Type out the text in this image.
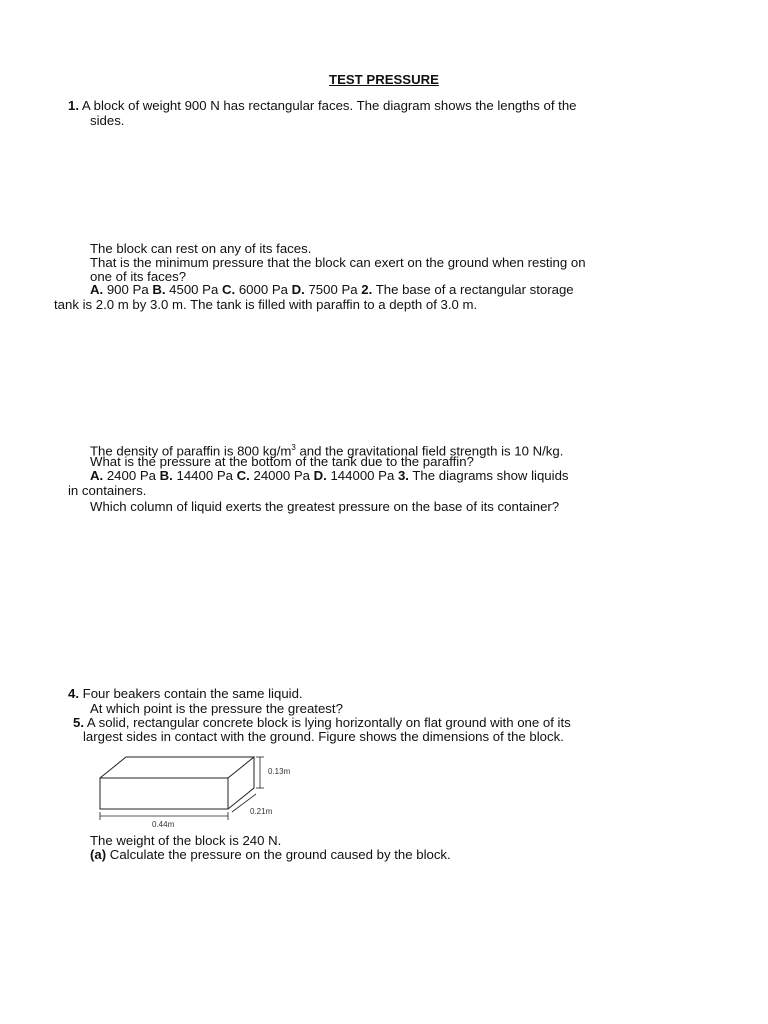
TEST PRESSURE
1. A block of weight 900 N has rectangular faces. The diagram shows the lengths of the
sides.
The block can rest on any of its faces.
That is the minimum pressure that the block can exert on the ground when resting on
one of its faces?
A. 900 Pa B. 4500 Pa C. 6000 Pa D. 7500 Pa 2. The base of a rectangular storage
tank is 2.0 m by 3.0 m. The tank is filled with paraffin to a depth of 3.0 m.
The density of paraffin is 800 $kg/m^3$ and the gravitational field strength is 10 N/kg.
What is the pressure at the bottom of the tank due to the paraffin?
A. 2400 Pa B. 14400 Pa C. 24000 Pa D. 144000 Pa 3. The diagrams show liquids
in containers.
Which column of liquid exerts the greatest pressure on the base of its container?
4. Four beakers contain the same liquid.
At which point is the pressure the greatest?
5. A solid, rectangular concrete block is lying horizontally on flat ground with one of its
largest sides in contact with the ground. Figure shows the dimensions of the block.
0.13m
0.21m
0.44m
The weight of the block is 240 N.
(a) Calculate the pressure on the ground caused by the block.
